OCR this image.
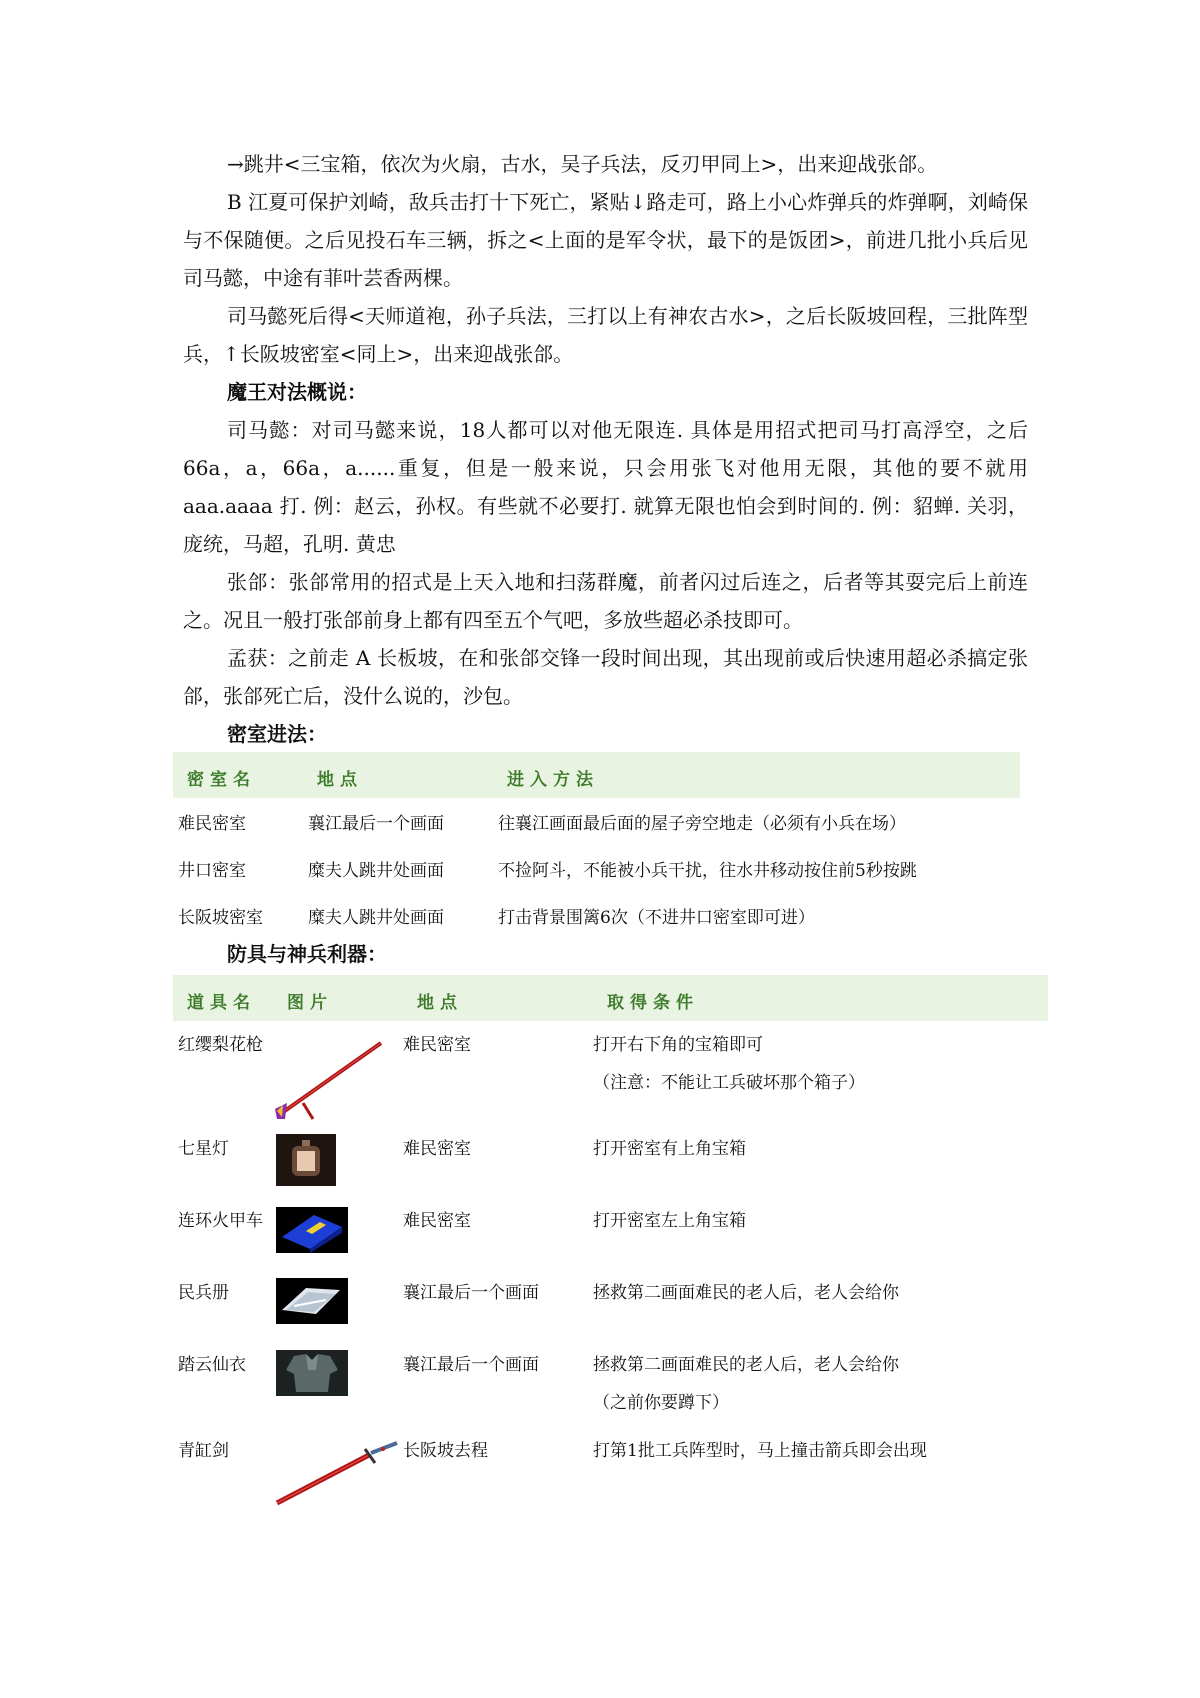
→跳井<三宝箱，依次为火扇，古水，吴子兵法，反刃甲同上>，出来迎战张郃。

B 江夏可保护刘崎，敌兵击打十下死亡，紧贴↓路走可，路上小心炸弹兵的炸弹啊，刘崎保与不保随便。之后见投石车三辆，拆之<上面的是军令状，最下的是饭团>，前进几批小兵后见司马懿，中途有菲叶芸香两棵。

司马懿死后得<天师道袍，孙子兵法，三打以上有神农古水>，之后长阪坡回程，三批阵型兵，↑长阪坡密室<同上>，出来迎战张郃。

魔王对法概说：

司马懿：对司马懿来说，18人都可以对他无限连. 具体是用招式把司马打高浮空，之后66a，a，66a，a......重复，但是一般来说，只会用张飞对他用无限，其他的要不就用aaa.aaaa 打. 例：赵云，孙权。有些就不必要打. 就算无限也怕会到时间的. 例：貂蝉. 关羽，庞统，马超，孔明. 黄忠

张郃：张郃常用的招式是上天入地和扫荡群魔，前者闪过后连之，后者等其耍完后上前连之。况且一般打张郃前身上都有四至五个气吧，多放些超必杀技即可。

孟获：之前走 A 长板坡，在和张郃交锋一段时间出现，其出现前或后快速用超必杀搞定张郃，张郃死亡后，没什么说的，沙包。

密室进法：
密室名	地点	进入方法
难民密室	襄江最后一个画面	往襄江画面最后面的屋子旁空地走（必须有小兵在场）
井口密室	糜夫人跳井处画面	不捡阿斗，不能被小兵干扰，往水井移动按住前5秒按跳
长阪坡密室	糜夫人跳井处画面	打击背景围篱6次（不进井口密室即可进）
防具与神兵利器：
道具名 图片	地点	取得条件
红缨梨花枪	难民密室	打开右下角的宝箱即可
（注意：不能让工兵破坏那个箱子）
七星灯	难民密室	打开密室有上角宝箱
连环火甲车	难民密室	打开密室左上角宝箱
民兵册	襄江最后一个画面	拯救第二画面难民的老人后，老人会给你
踏云仙衣	襄江最后一个画面	拯救第二画面难民的老人后，老人会给你
（之前你要蹲下）
青缸剑	长阪坡去程	打第1批工兵阵型时，马上撞击箭兵即会出现
